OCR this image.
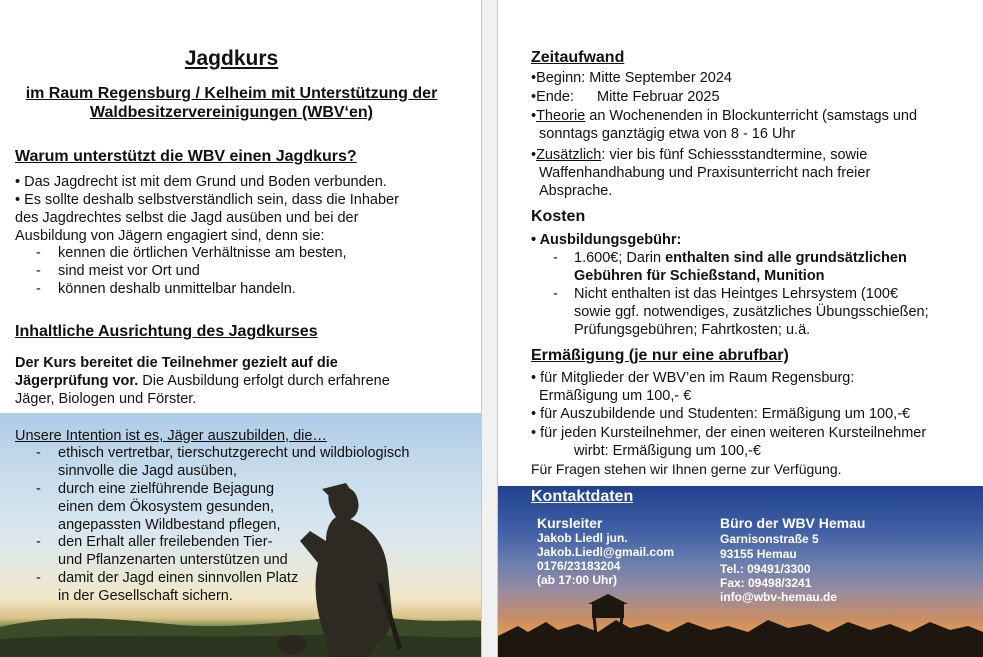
Jagdkurs
im Raum Regensburg / Kelheim mit Unterstützung der
Waldbesitzervereinigungen (WBV‘en)
Warum unterstützt die WBV einen Jagdkurs?
• Das Jagdrecht ist mit dem Grund und Boden verbunden.
• Es sollte deshalb selbstverständlich sein, dass die Inhaber
des Jagdrechtes selbst die Jagd ausüben und bei der
Ausbildung von Jägern engagiert sind, denn sie:
- kennen die örtlichen Verhältnisse am besten,
- sind meist vor Ort und
- können deshalb unmittelbar handeln.
Inhaltliche Ausrichtung des Jagdkurses
Der Kurs bereitet die Teilnehmer gezielt auf die
Jägerprüfung vor. Die Ausbildung erfolgt durch erfahrene
Jäger, Biologen und Förster.
Unsere Intention ist es, Jäger auszubilden, die…
- ethisch vertretbar, tierschutzgerecht und wildbiologisch
sinnvolle die Jagd ausüben,
- durch eine zielführende Bejagung
einen dem Ökosystem gesunden,
angepassten Wildbestand pflegen,
- den Erhalt aller freilebenden Tier-
und Pflanzenarten unterstützen und
- damit der Jagd einen sinnvollen Platz
in der Gesellschaft sichern.
Zeitaufwand
•Beginn: Mitte September 2024
•Ende: Mitte Februar 2025
•Theorie an Wochenenden in Blockunterricht (samstags und
sonntags ganztägig etwa von 8 - 16 Uhr
•Zusätzlich: vier bis fünf Schiessstandtermine, sowie
Waffenhandhabung und Praxisunterricht nach freier
Absprache.
Kosten
• Ausbildungsgebühr:
- 1.600€; Darin enthalten sind alle grundsätzlichen
Gebühren für Schießstand, Munition
- Nicht enthalten ist das Heintges Lehrsystem (100€
sowie ggf. notwendiges, zusätzliches Übungsschießen;
Prüfungsgebühren; Fahrtkosten; u.ä.
Ermäßigung (je nur eine abrufbar)
• für Mitglieder der WBV’en im Raum Regensburg:
Ermäßigung um 100,- €
• für Auszubildende und Studenten: Ermäßigung um 100,-€
• für jeden Kursteilnehmer, der einen weiteren Kursteilnehmer
wirbt: Ermäßigung um 100,-€
Für Fragen stehen wir Ihnen gerne zur Verfügung.
Kontaktdaten
Kursleiter
Jakob Liedl jun.
Jakob.Liedl@gmail.com
0176/23183204
(ab 17:00 Uhr)
Büro der WBV Hemau
Garnisonstraße 5
93155 Hemau
Tel.: 09491/3300
Fax: 09498/3241
info@wbv-hemau.de
